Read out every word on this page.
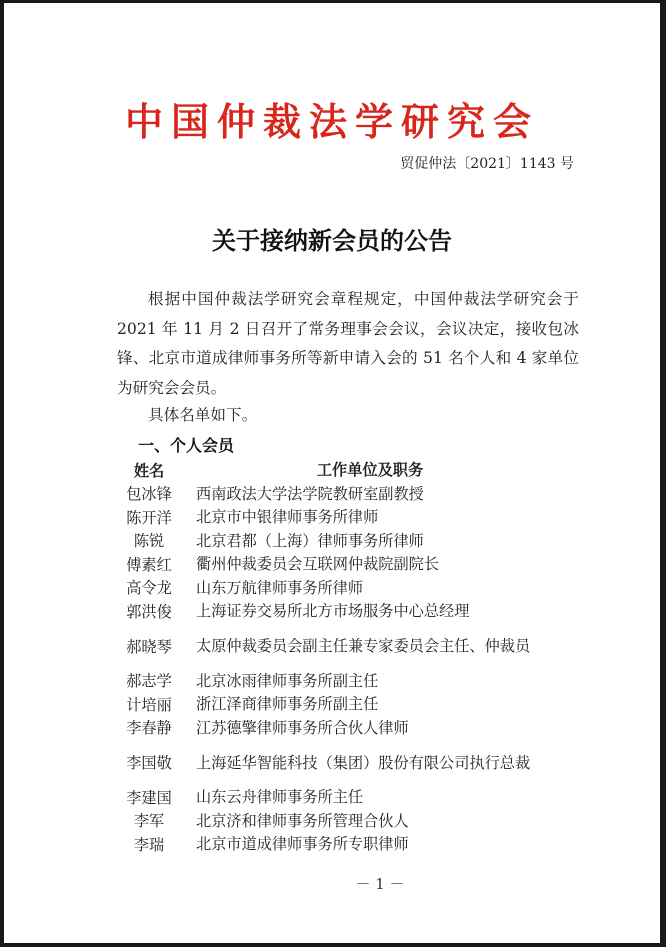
中国仲裁法学研究会
贸促仲法〔2021〕1143 号
关于接纳新会员的公告
根据中国仲裁法学研究会章程规定，中国仲裁法学研究会于 2021 年 11 月 2 日召开了常务理事会会议，会议决定，接收包冰锋、北京市道成律师事务所等新申请入会的 51 名个人和 4 家单位为研究会会员。
具体名单如下。
一、个人会员
姓名	工作单位及职务
包冰锋	西南政法大学法学院教研室副教授
陈开洋	北京市中银律师事务所律师
陈锐	北京君都（上海）律师事务所律师
傅素红	衢州仲裁委员会互联网仲裁院副院长
高令龙	山东万航律师事务所律师
郭洪俊	上海证券交易所北方市场服务中心总经理
郝晓琴	太原仲裁委员会副主任兼专家委员会主任、仲裁员
郝志学	北京冰雨律师事务所副主任
计培丽	浙江泽商律师事务所副主任
李春静	江苏德擎律师事务所合伙人律师
李国敬	上海延华智能科技（集团）股份有限公司执行总裁
李建国	山东云舟律师事务所主任
李军	北京济和律师事务所管理合伙人
李瑞	北京市道成律师事务所专职律师
－ 1 －
